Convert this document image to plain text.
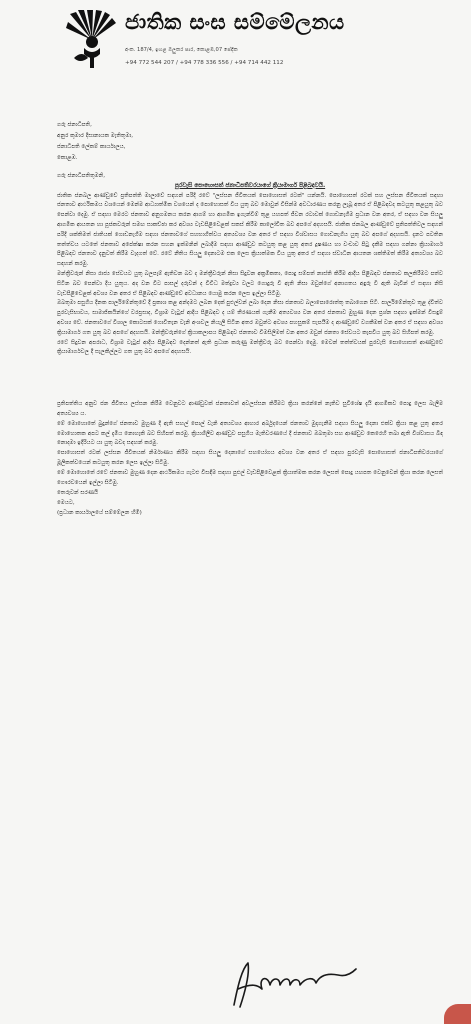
ජාතික සංඝ සම්මේලනය
අංක. 187/4, ඉහළ ඔලුකර පාර, කොළඹ,07 පේඳික
+94 772 544 207 / +94 778 336 556 / +94 714 442 112

ගරු ජනාධිපති,

අනුර කුමාර දිසානායක මැතිතුමා,

ජනාධිපති ලේකම් කාර්යාලය,

කොළඹ.

ගරු ජනාධිපතිතුමනි,

පුරවැසි පොහොසත් ජනාධිපතිවරයාගේ ක්‍රියාමාර්ග පිළිබඳවයි.

ජාතික ජනබල ආණ්ඩුවේ ප්‍රතිපත්ති මාලාවේ සඳහන් පරිදි රටේ "ලස්සන ජීවිතයක් පොහොසත් රටක්" යන්නයි. පොහොසත් රටක් සහ ලස්සන ජීවිතයක් සඳහා ජනතාව ආර්ථිකමය වශයෙන් මෙන්ම ආධ්‍යාත්මික වශයෙන් ද පොහොසත් විය යුතු බව මොවුන් විසින්ම අවධාරණය කරනු ලැබූ අතර ඒ පිළිබඳවද කටයුතු කළයුතු බව පෙන්වා දෙමු. ඒ සඳහා මෙරට ජනතාව අනුගමනය කරන ආගම් හා ආගමික ඉගැන්වීම් තුළ යහපත් ජීවන රටාවක් ගොඩනැගීම ප්‍රධාන වන අතර, ඒ සඳහා වන සියලු ආගමික ආයතන හා පූජකවරුන් සමඟ සාකච්ඡා කර අවශ්‍ය වැඩපිළිවෙළක් සකස් කිරීම කාලෝචිත බව අපගේ අදහසයි. ජාතික ජනබල ආණ්ඩුවේ ප්‍රතිපත්තිවල සඳහන් පරිදි ශක්තිමත් ජාතියක් ගොඩනැගීම සඳහා ජනතාවගේ සහභාගිත්වය අත්‍යවශ්‍ය වන අතර ඒ සඳහා විශ්වාසය ගොඩනැගිය යුතු බව අපගේ අදහසයි. දැනට පවතින තත්ත්වය යටතේ ජනතාව අපේක්ෂා කරන සහන ඉක්මනින් ලබාදීම සඳහා ආණ්ඩුව කටයුතු කළ යුතු අතර දූෂණය හා වංචාව පිටු දැකීම සඳහා ගන්නා ක්‍රියාමාර්ග පිළිබඳව ජනතාව දැනුවත් කිරීම වැදගත් වේ. රටේ නීතිය සියලු දෙනාටම එක ලෙස ක්‍රියාත්මක විය යුතු අතර ඒ සඳහා ස්වාධීන ආයතන ශක්තිමත් කිරීම අත්‍යවශ්‍ය බව සඳහන් කරමු.

මන්ත්‍රීවරුන් නිසා රාජ්‍ය සේවයට යුතු බලපෑම් ඇතිවන බව ද මන්ත්‍රීවරුන් නිසා සිදුවන අක්‍රමිකතා, පොදු සම්පත් නාස්ති කිරීම ආදිය පිළිබඳව ජනතාව කලකිරීමට පත්ව සිටින බව පෙන්වා දිය යුතුය. අද වන විට පාසල් දරුවන් ද විවිධ මත්ද්‍රව්‍ය වලට ගොදුරු වී ඇති නිසා ඔවුන්ගේ අනාගතය අඳුරු වී ඇති බැවින් ඒ සඳහා නිසි වැඩපිළිවෙළක් අවශ්‍ය වන අතර ඒ පිළිබඳව ආණ්ඩුවේ අවධානය යොමු කරන ලෙස ඉල්ලා සිටිමු.

ඔබතුමා පසුගිය දිනක පාර්ලිමේන්තුවේ දී ප්‍රකාශ කළ අන්දමට ලබන දෙක් පුළුල්වන් ලබා දෙන නිසා ජනතාව බලාපොරොත්තු තබාගෙන සිටී. පාර්ලිමේන්තුව තුළ ද්විත්ව පුරවැසිභාවය, සාමාජිකයින්ගේ වරප්‍රසාද, විශ්‍රාම වැටුප් ආදිය පිළිබඳව ද යම් තීරණයක් ගැනීම අත්‍යවශ්‍ය වන අතර ජනතාව මුහුණ දෙන ප්‍රශ්න සඳහා ඉක්මන් විසඳුම් අවශ්‍ය වේ. ජනතාවගේ විශාල කොටසක් ගොවිතැන වැනි අංශවල නියැලී සිටින අතර ඔවුන්ට අවශ්‍ය පහසුකම් සැපයීම ද ආණ්ඩුවේ වගකීමක් වන අතර ඒ සඳහා අවශ්‍ය ක්‍රියාමාර්ග ගත යුතු බව අපගේ අදහසයි. මන්ත්‍රීවරුන්ගේ ක්‍රියාකලාපය පිළිබඳව ජනතාව විමසිලිමත් වන අතර ඔවුන් ජනතා සේවයට කැපවිය යුතු බව සිහිපත් කරමු.

රටේ සිදුවන අපරාධ, විශ්‍රාම වැටුප් ආදිය පිළිබඳව දෙන්නත් ඇති ප්‍රධාන කරුණු මන්ත්‍රීවරු බව පෙන්වා දෙමු. මෙවන් තත්ත්වයක් පුරවැසි පොහොසත් ආණ්ඩුවේ ක්‍රියාමාර්ගවල දී සැලකිල්ලට ගත යුතු බව අපගේ අදහසයි.

ප්‍රතිපත්තිය අනුව ජන ජීවිතය ලස්සන කිරීම වෙනුවට ආණ්ඩුවක් ජනතාවත් අවලස්සන කිරීමට ක්‍රියා කරන්නේ නැතිව සුවිශේෂ දැයි ආගමිකව පොදු ලෙස බැලීම අත්‍යවශ්‍ය ය.

මේ මොහොතේ බුදුන්ගේ ජනතාව මුහුණ දී ඇති සහල් පොල් වැනි අත්‍යවශ්‍ය ආහාර අර්බුදයෙන් ජනතාව මුදාගැනීම සඳහා සියලු දෙනා එක්ව ක්‍රියා කළ යුතු අතර මොහොතක අපට කල් දැමිය නොහැකි බව සිහිපත් කරමු. ක්‍රියාශීලීව ආණ්ඩුව පසුගිය මැතිවරණයේ දී ජනතාව ඔබතුමා සහ ආණ්ඩුව කෙරෙහි තබා ඇති විශ්වාසය බිඳ නොදමා ඉදිරියට යා යුතු බවද සඳහන් කරමු.

පොහොසත් රටක් ලස්සන ජීවිතයක් නිර්මාණය කිරීම සඳහා සියලු දෙනාගේ සහයෝගය අවශ්‍ය වන අතර ඒ සඳහා පුරවැසි පොහොසත් ජනාධිපතිවරයාගේ මූලිකත්වයෙන් කටයුතු කරන ලෙස ඉල්ලා සිටිමු.

මේ මොහොතේ රටේ ජනතාව මුහුණ දෙන ආර්ථිකමය ගැටළු විසඳීම සඳහා පුළුල් වැඩපිළිවෙළක් ක්‍රියාත්මක කරන ලෙසත් පොදු යහපත වෙනුවෙන් ක්‍රියා කරන ලෙසත් ගෞරවයෙන් ඉල්ලා සිටිමු.

තෙරුවන් සරණයි

මෙයට,

(ප්‍රධාන කාර්යාලයේ සම්මේලන හිමි)
